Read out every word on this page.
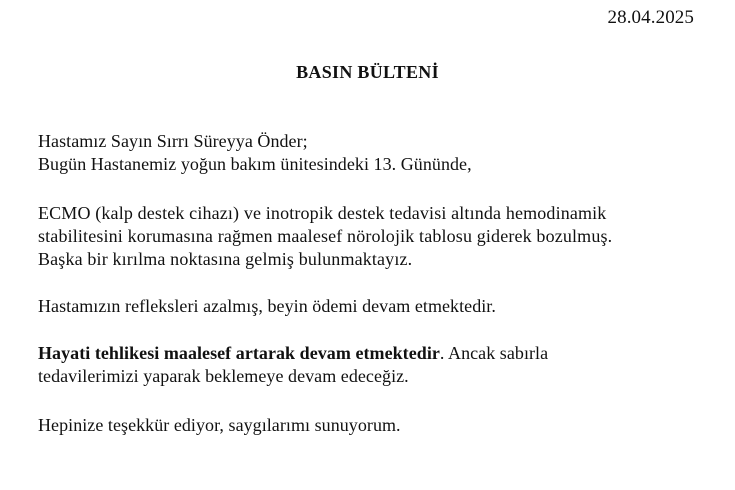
28.04.2025
BASIN BÜLTENİ
Hastamız Sayın Sırrı Süreyya Önder;
Bugün Hastanemiz yoğun bakım ünitesindeki 13. Gününde,
ECMO (kalp destek cihazı) ve inotropik destek tedavisi altında hemodinamik
stabilitesini korumasına rağmen maalesef nörolojik tablosu giderek bozulmuş.
Başka bir kırılma noktasına gelmiş bulunmaktayız.
Hastamızın refleksleri azalmış, beyin ödemi devam etmektedir.
Hayati tehlikesi maalesef artarak devam etmektedir. Ancak sabırla
tedavilerimizi yaparak beklemeye devam edeceğiz.
Hepinize teşekkür ediyor, saygılarımı sunuyorum.
